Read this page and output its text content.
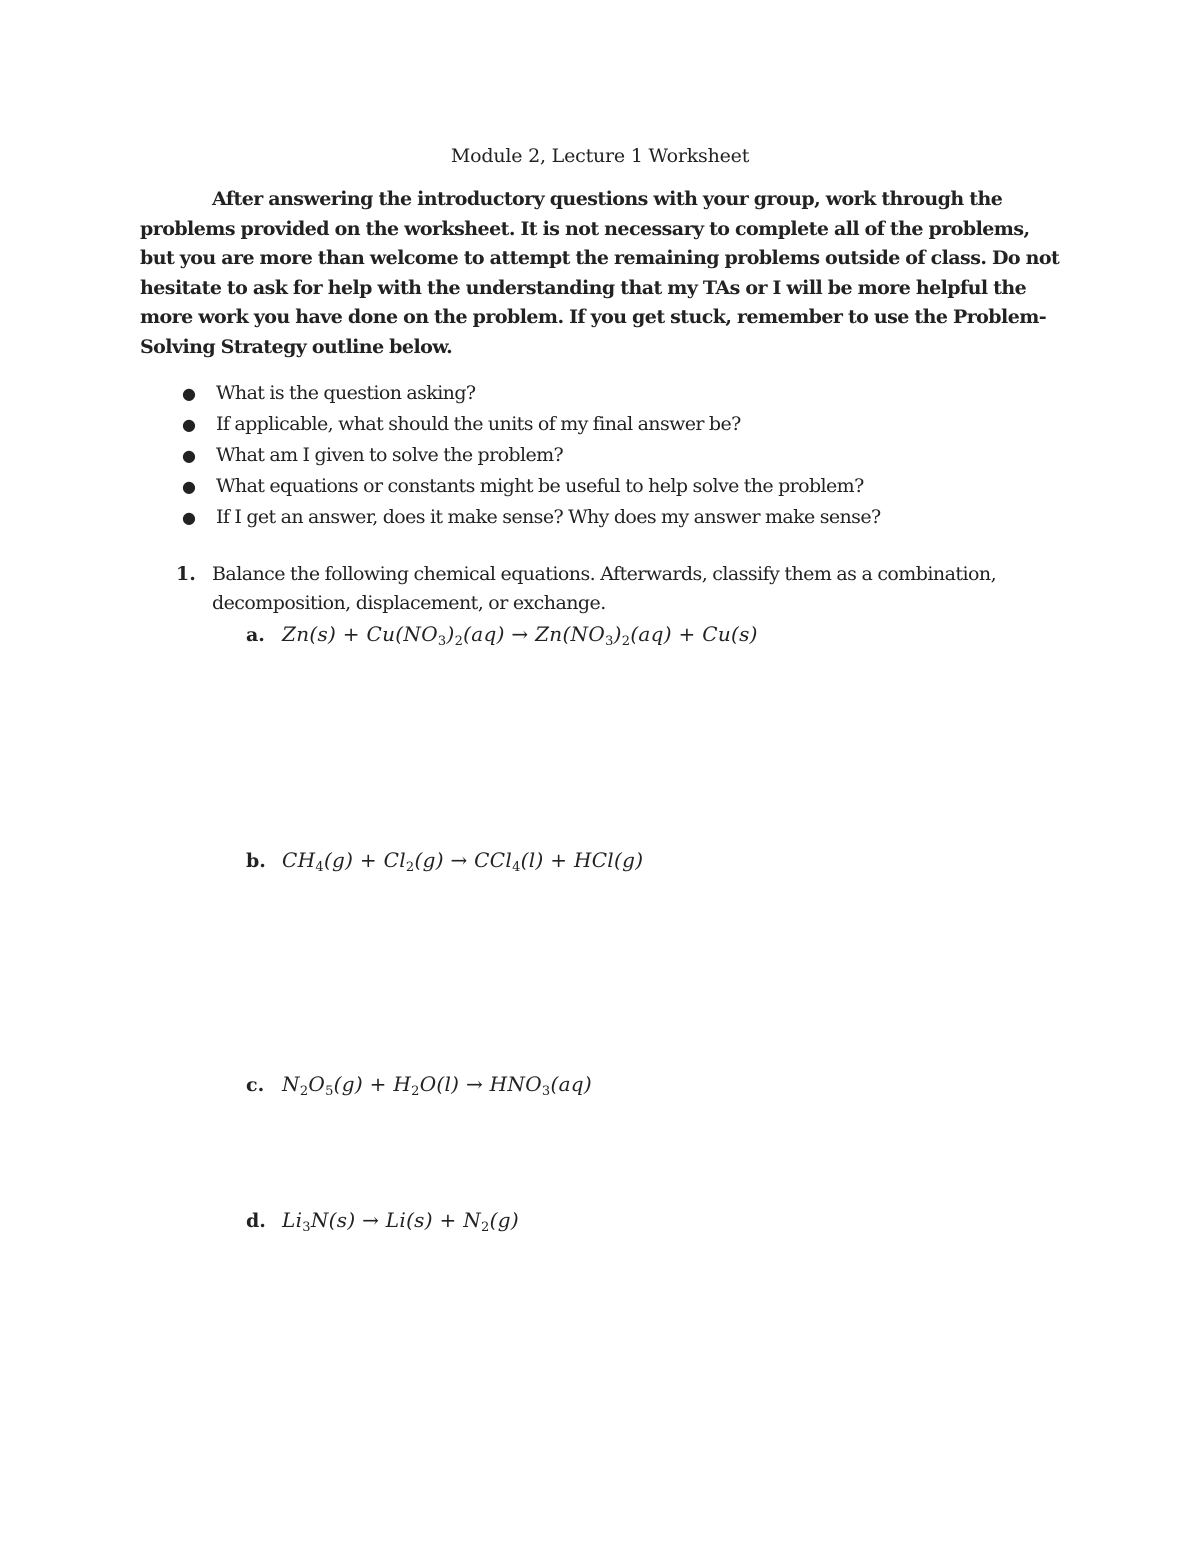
Module 2, Lecture 1 Worksheet

After answering the introductory questions with your group, work through the problems provided on the worksheet. It is not necessary to complete all of the problems, but you are more than welcome to attempt the remaining problems outside of class. Do not hesitate to ask for help with the understanding that my TAs or I will be more helpful the more work you have done on the problem. If you get stuck, remember to use the Problem-Solving Strategy outline below.

● What is the question asking?
● If applicable, what should the units of my final answer be?
● What am I given to solve the problem?
● What equations or constants might be useful to help solve the problem?
● If I get an answer, does it make sense? Why does my answer make sense?
1. Balance the following chemical equations. Afterwards, classify them as a combination, decomposition, displacement, or exchange.

a. $Zn(s) + Cu(NO_3)_2(aq) \to Zn(NO_3)_2(aq) + Cu(s)$
b. $CH_4(g) + Cl_2(g) \to CCl_4(l) + HCl(g)$
c. $N_2O_5(g) + H_2O(l) \to HNO_3(aq)$
d. $Li_3N(s) \to Li(s) + N_2(g)$
